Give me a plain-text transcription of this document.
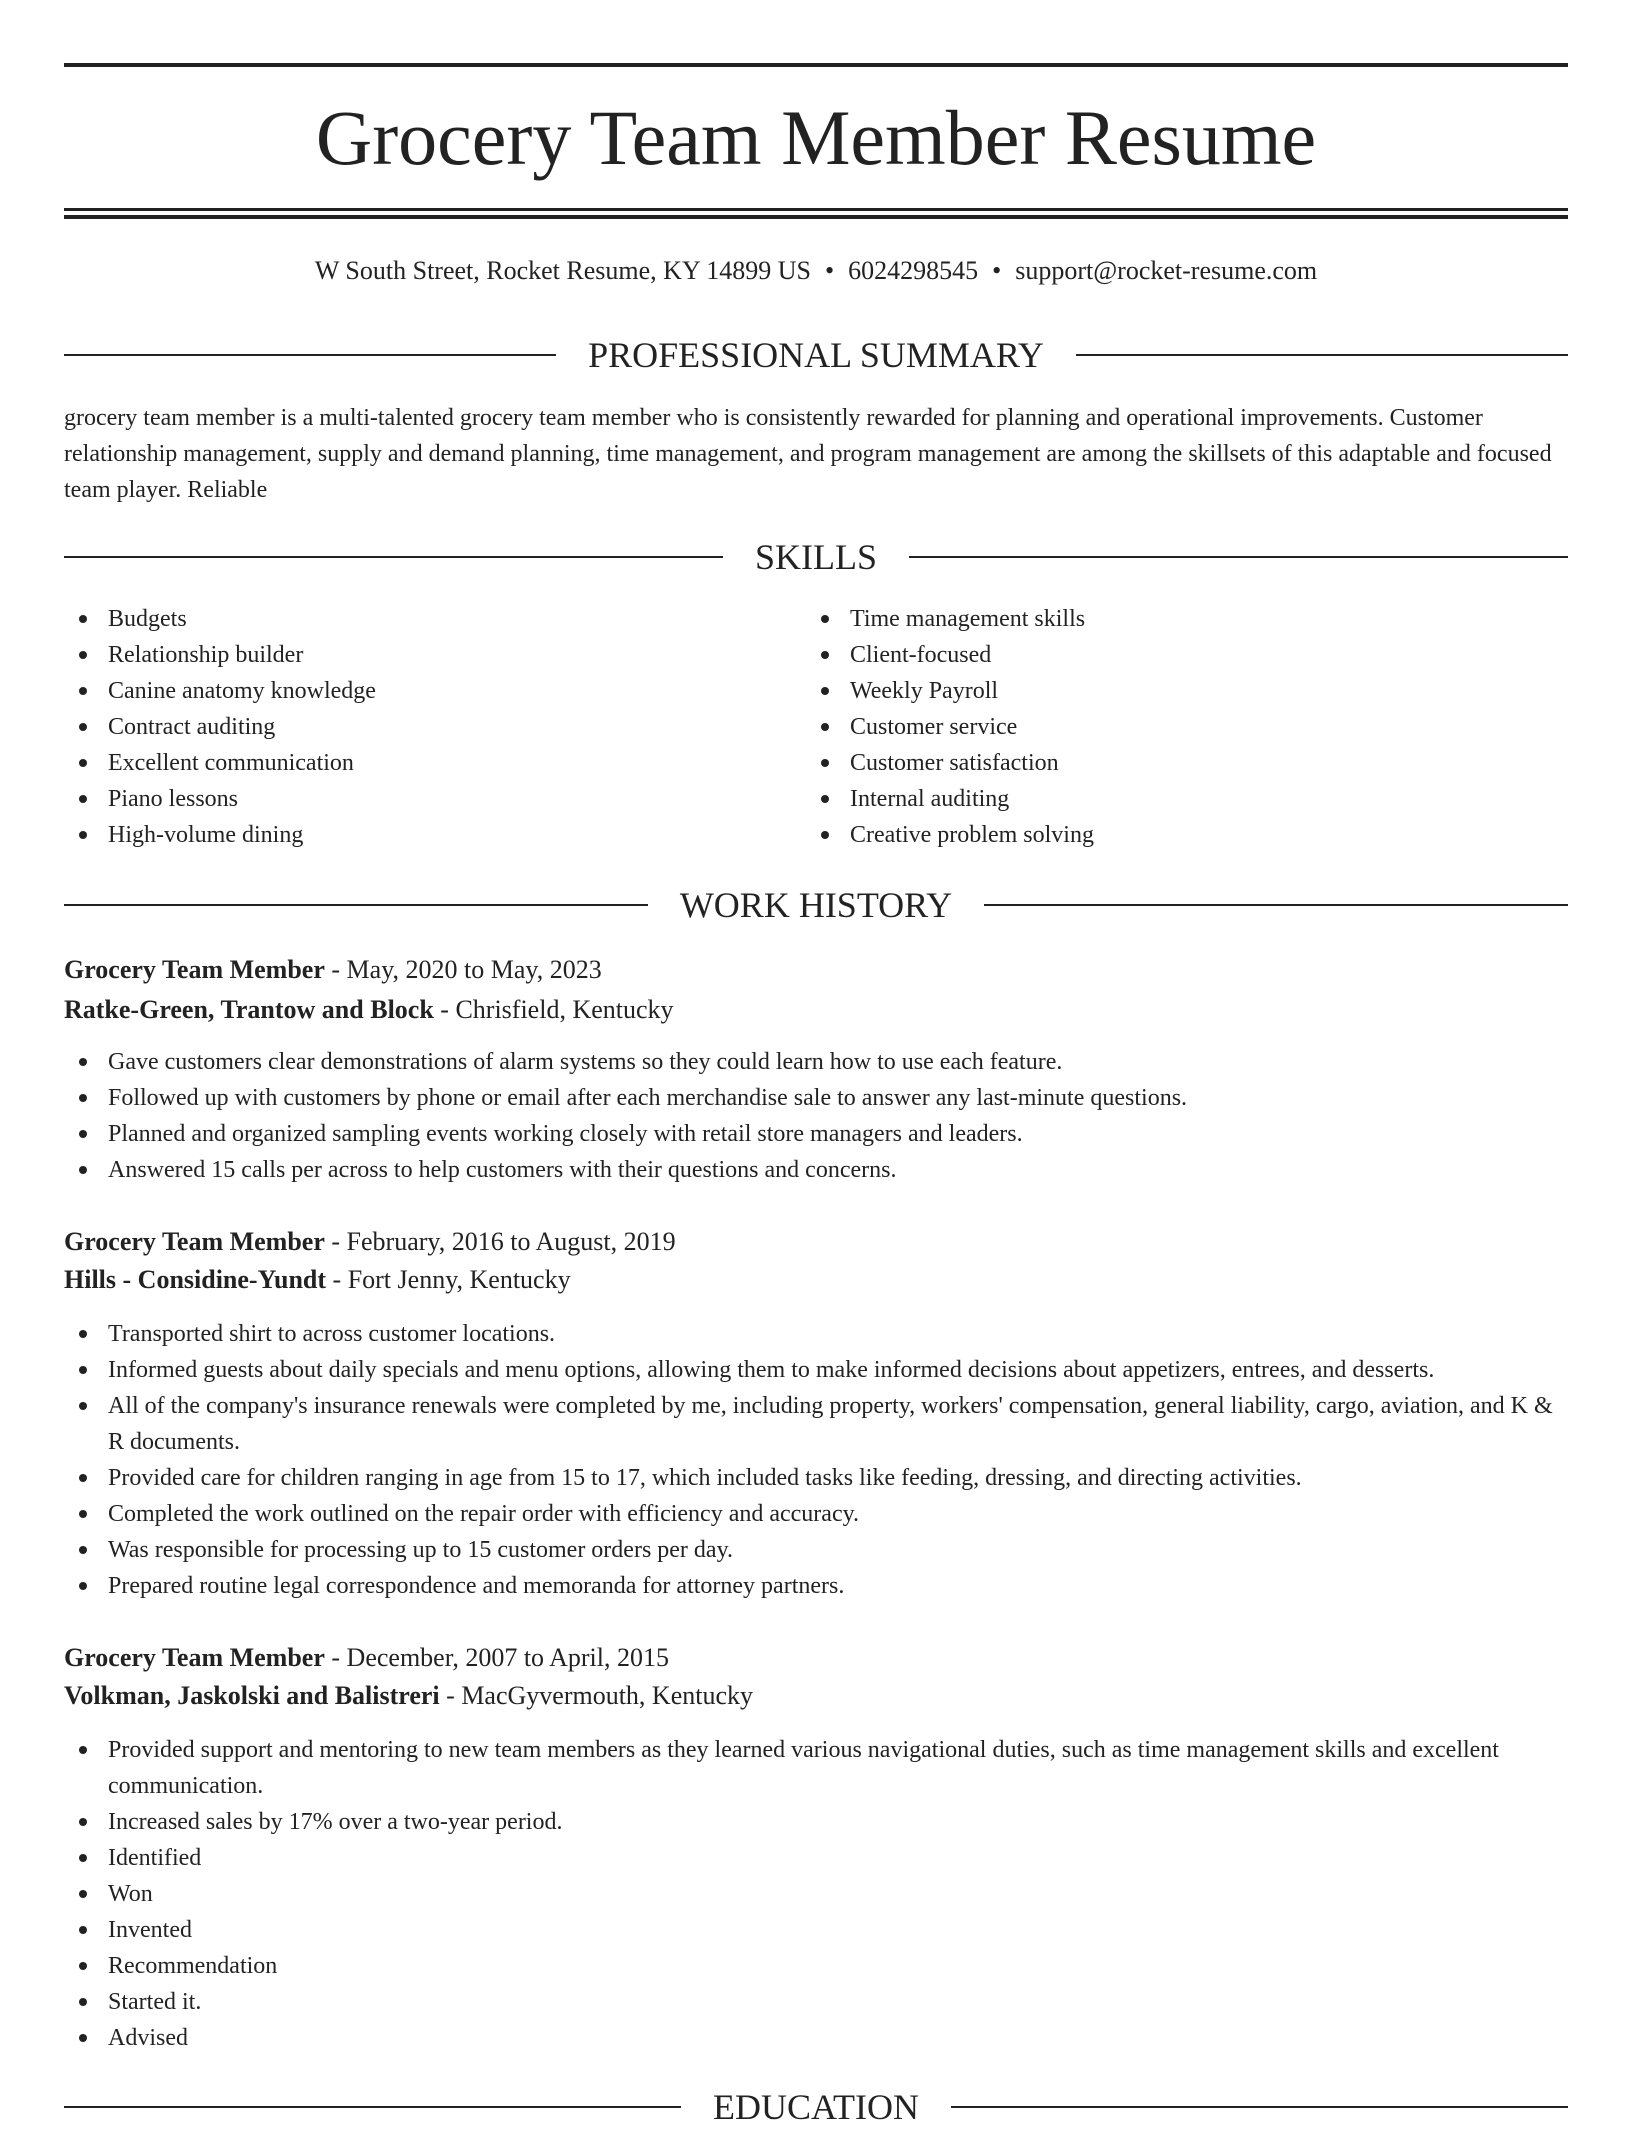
Grocery Team Member Resume
W South Street, Rocket Resume, KY 14899 US • 6024298545 • support@rocket-resume.com
PROFESSIONAL SUMMARY

grocery team member is a multi-talented grocery team member who is consistently rewarded for planning and operational improvements. Customer relationship management, supply and demand planning, time management, and program management are among the skillsets of this adaptable and focused team player. Reliable

SKILLS
Budgets
Relationship builder
Canine anatomy knowledge
Contract auditing
Excellent communication
Piano lessons
High-volume dining
Time management skills
Client-focused
Weekly Payroll
Customer service
Customer satisfaction
Internal auditing
Creative problem solving
WORK HISTORY
Grocery Team Member - May, 2020 to May, 2023
Ratke-Green, Trantow and Block - Chrisfield, Kentucky
Gave customers clear demonstrations of alarm systems so they could learn how to use each feature.
Followed up with customers by phone or email after each merchandise sale to answer any last-minute questions.
Planned and organized sampling events working closely with retail store managers and leaders.
Answered 15 calls per across to help customers with their questions and concerns.
Grocery Team Member - February, 2016 to August, 2019
Hills - Considine-Yundt - Fort Jenny, Kentucky
Transported shirt to across customer locations.
Informed guests about daily specials and menu options, allowing them to make informed decisions about appetizers, entrees, and desserts.
All of the company's insurance renewals were completed by me, including property, workers' compensation, general liability, cargo, aviation, and K & R documents.
Provided care for children ranging in age from 15 to 17, which included tasks like feeding, dressing, and directing activities.
Completed the work outlined on the repair order with efficiency and accuracy.
Was responsible for processing up to 15 customer orders per day.
Prepared routine legal correspondence and memoranda for attorney partners.
Grocery Team Member - December, 2007 to April, 2015
Volkman, Jaskolski and Balistreri - MacGyvermouth, Kentucky
Provided support and mentoring to new team members as they learned various navigational duties, such as time management skills and excellent communication.
Increased sales by 17% over a two-year period.
Identified
Won
Invented
Recommendation
Started it.
Advised
EDUCATION
